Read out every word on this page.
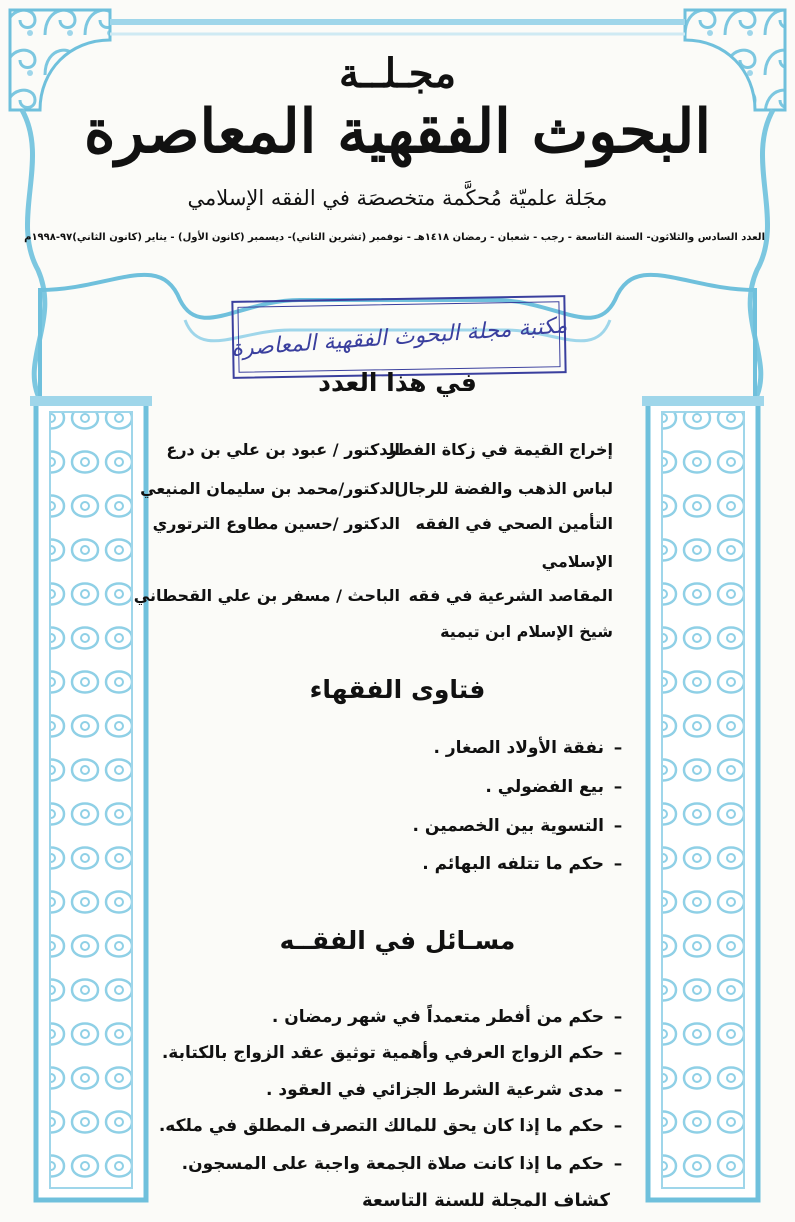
مجـلــة
البحوث الفقهية المعاصرة
مجَلة علميّة مُحكَّمة متخصصَة في الفقه الإسلامي
العدد السادس والثلاثون- السنة التاسعة - رجب - شعبان - رمضان ١٤١٨هـ - نوفمبر (تشرين الثاني)- ديسمبر (كانون الأول) - يناير (كانون الثاني)٩٧-١٩٩٨م
مكتبة مجلة البحوث الفقهية المعاصرة
في هذا العدد
إخراج القيمة في زكاة الفطر
الدكتور / عبود بن علي بن درع
لباس الذهب والفضة للرجال
الدكتور/محمد بن سليمان المنيعي
التأمين الصحي في الفقه
الدكتور /حسين مطاوع الترتوري
الإسلامي
المقاصد الشرعية في فقه
الباحث / مسفر بن علي القحطاني
شيخ الإسلام ابن تيمية
فتاوى الفقهاء
–نفقة الأولاد الصغار .
–بيع الفضولي .
–التسوية بين الخصمين .
–حكم ما تتلفه البهائم .
مسـائل في الفقــه
–حكم من أفطر متعمداً في شهر رمضان .
–حكم الزواج العرفي وأهمية توثيق عقد الزواج بالكتابة.
–مدى شرعية الشرط الجزائي في العقود .
–حكم ما إذا كان يحق للمالك التصرف المطلق في ملكه.
–حكم ما إذا كانت صلاة الجمعة واجبة على المسجون.
كشاف المجلة للسنة التاسعة
